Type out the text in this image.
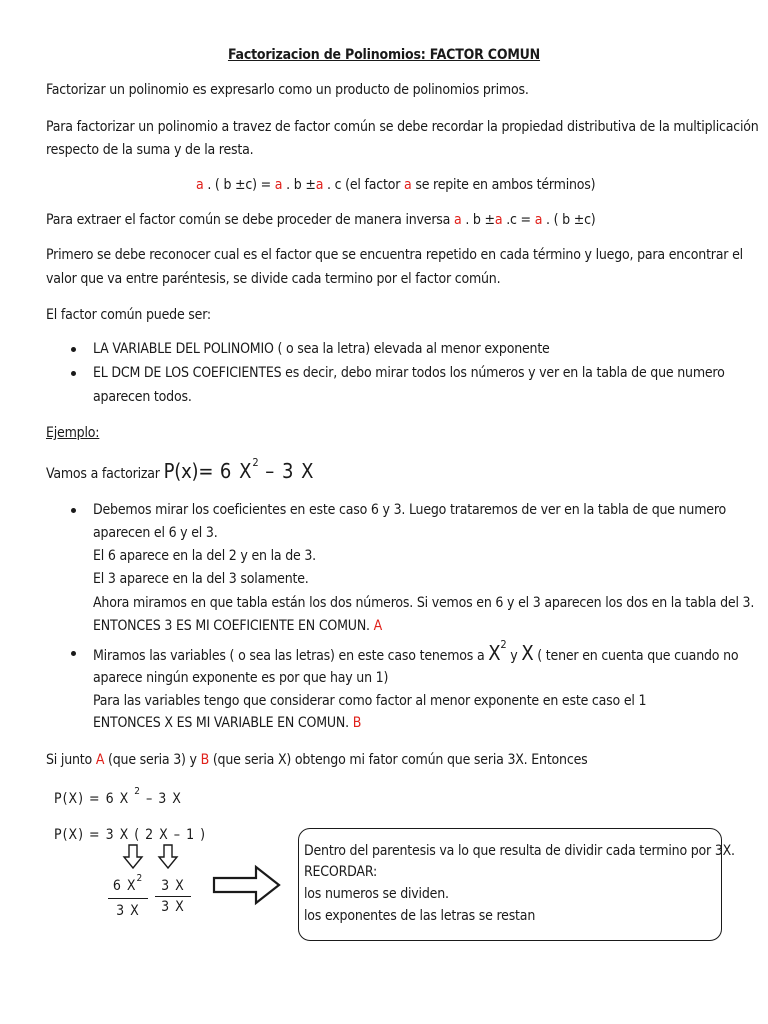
Factorizacion de Polinomios: FACTOR COMUN
Factorizar un polinomio es expresarlo como un producto de polinomios primos.
Para factorizar un polinomio a travez de factor común se debe recordar la propiedad distributiva de la multiplicación
respecto de la suma y de la resta.
a . ( b ±c) = a . b ±a . c (el factor a se repite en ambos términos)
Para extraer el factor común se debe proceder de manera inversa a . b ±a .c = a . ( b ±c)
Primero se debe reconocer cual es el factor que se encuentra repetido en cada término y luego, para encontrar el
valor que va entre paréntesis, se divide cada termino por el factor común.
El factor común puede ser:
LA VARIABLE DEL POLINOMIO ( o sea la letra) elevada al menor exponente
EL DCM DE LOS COEFICIENTES es decir, debo mirar todos los números y ver en la tabla de que numero
aparecen todos.
Ejemplo:
Vamos a factorizar P(x)= 6 $X^2 - 3$ X
Debemos mirar los coeficientes en este caso 6 y 3. Luego trataremos de ver en la tabla de que numero
aparecen el 6 y el 3.
El 6 aparece en la del 2 y en la de 3.
El 3 aparece en la del 3 solamente.
Ahora miramos en que tabla están los dos números. Si vemos en 6 y el 3 aparecen los dos en la tabla del 3.
ENTONCES 3 ES MI COEFICIENTE EN COMUN. A
Miramos las variables ( o sea las letras) en este caso tenemos a $X^2$ y X ( tener en cuenta que cuando no
aparece ningún exponente es por que hay un 1)
Para las variables tengo que considerar como factor al menor exponente en este caso el 1
ENTONCES X ES MI VARIABLE EN COMUN. B
Si junto A (que seria 3) y B (que seria X) obtengo mi fator común que seria 3X. Entonces
P(X) = 6 X $^2$ – 3 X
P(X) = 3 X ( 2 X – 1 )
6 $X^2$
3 X
3 X
3 X
Dentro del parentesis va lo que resulta de dividir cada termino por 3X.
RECORDAR:
los numeros se dividen.
los exponentes de las letras se restan
